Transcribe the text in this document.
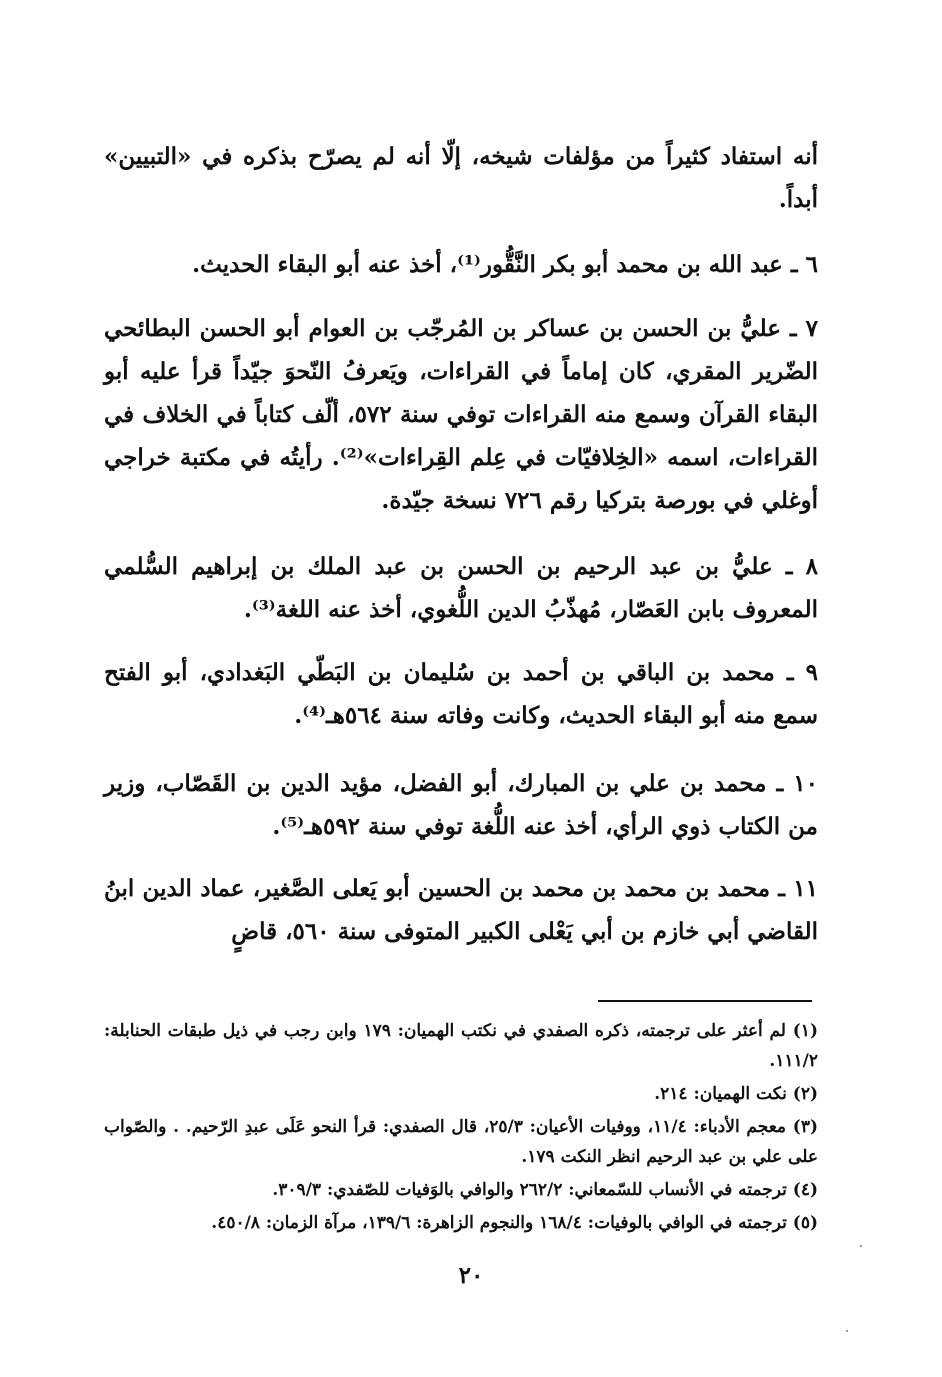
أنه استفاد كثيراً من مؤلفات شيخه، إلّا أنه لم يصرّح بذكره في «التبيين» أبداً.
٦ ـ عبد الله بن محمد أبو بكر النَّقُّور⁽¹⁾، أخذ عنه أبو البقاء الحديث.
٧ ـ عليُّ بن الحسن بن عساكر بن المُرجّب بن العوام أبو الحسن البطائحي الضّرير المقري، كان إماماً في القراءات، ويَعرفُ النّحوَ جيّداً قرأ عليه أبو البقاء القرآن وسمع منه القراءات توفي سنة ٥٧٢، ألّف كتاباً في الخلاف في القراءات، اسمه «الخِلافيّات في عِلم القِراءات»⁽²⁾. رأيتُه في مكتبة خراجي أوغلي في بورصة بتركيا رقم ٧٢٦ نسخة جيّدة.
٨ ـ عليُّ بن عبد الرحيم بن الحسن بن عبد الملك بن إبراهيم السُّلمي المعروف بابن العَصّار، مُهذّبُ الدين اللُّغوي، أخذ عنه اللغة⁽³⁾.
٩ ـ محمد بن الباقي بن أحمد بن سُليمان بن البَطّي البَغدادي، أبو الفتح سمع منه أبو البقاء الحديث، وكانت وفاته سنة ٥٦٤هـ⁽⁴⁾.
١٠ ـ محمد بن علي بن المبارك، أبو الفضل، مؤيد الدين بن القَصّاب، وزير من الكتاب ذوي الرأي، أخذ عنه اللُّغة توفي سنة ٥٩٢هـ⁽⁵⁾.
١١ ـ محمد بن محمد بن محمد بن الحسين أبو يَعلى الصَّغير، عماد الدين ابنُ القاضي أبي خازم بن أبي يَعْلى الكبير المتوفى سنة ٥٦٠، قاضٍ
(١) لم أعثر على ترجمته، ذكره الصفدي في نكتب الهميان: ١٧٩ وابن رجب في ذيل طبقات الحنابلة: ١١١/٢.
(٢) نكت الهميان: ٢١٤.
(٣) معجم الأدباء: ١١/٤، ووفيات الأعيان: ٢٥/٣، قال الصفدي: قرأ النحو عَلَى عبدِ الرّحيم. . والصّواب على علي بن عبد الرحيم انظر النكت ١٧٩.
(٤) ترجمته في الأنساب للسّمعاني: ٢٦٢/٢ والوافي بالوَفيات للصّفدي: ٣٠٩/٣.
(٥) ترجمته في الوافي بالوفيات: ١٦٨/٤ والنجوم الزاهرة: ١٣٩/٦، مرآة الزمان: ٤٥٠/٨.
٢٠
